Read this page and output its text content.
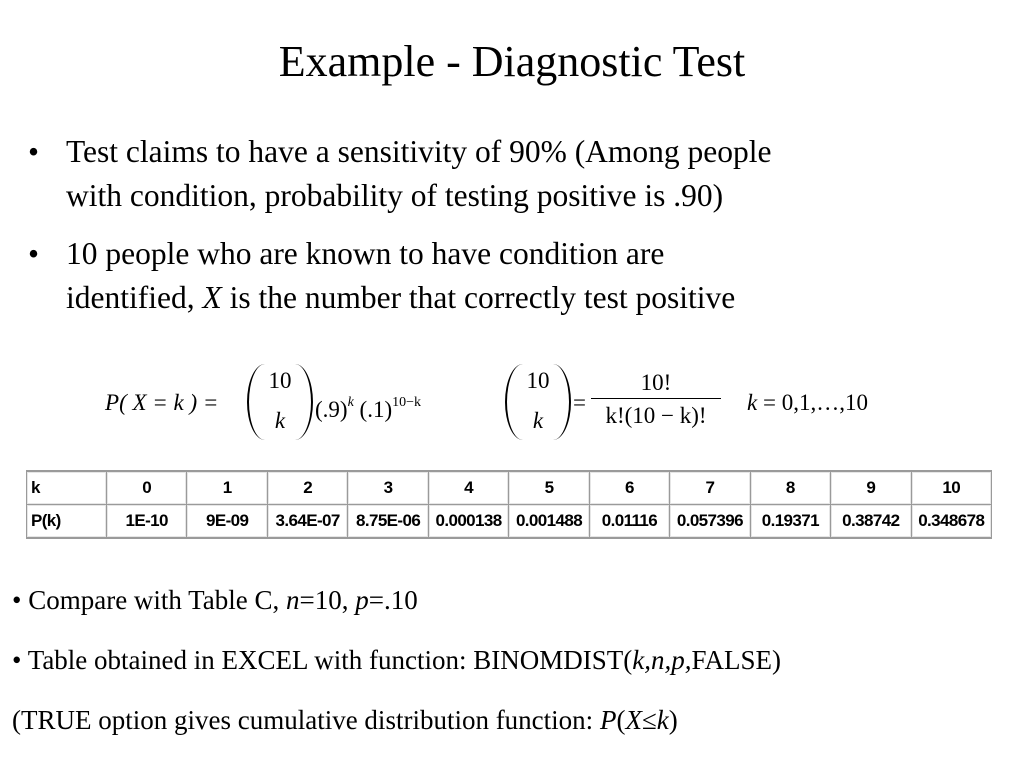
Example - Diagnostic Test
• Test claims to have a sensitivity of 90% (Among people
with condition, probability of testing positive is .90)
• 10 people who are known to have condition are
identified, X is the number that correctly test positive
P( X = k ) =
10
k	$(.9)^k$ $(.1)^{10-k}$
10
k
=
10!
k!(10 − k)!
k = 0,1,…,10
k	0	1	2	3	4	5	6	7	8	9	10
P(k)	1E-10	9E-09	3.64E-07	8.75E-06	0.000138	0.001488	0.01116	0.057396	0.19371	0.38742	0.348678
• Compare with Table C, n=10, p=.10
• Table obtained in EXCEL with function: BINOMDIST(k,n,p,FALSE)
(TRUE option gives cumulative distribution function: P(X≤k)
